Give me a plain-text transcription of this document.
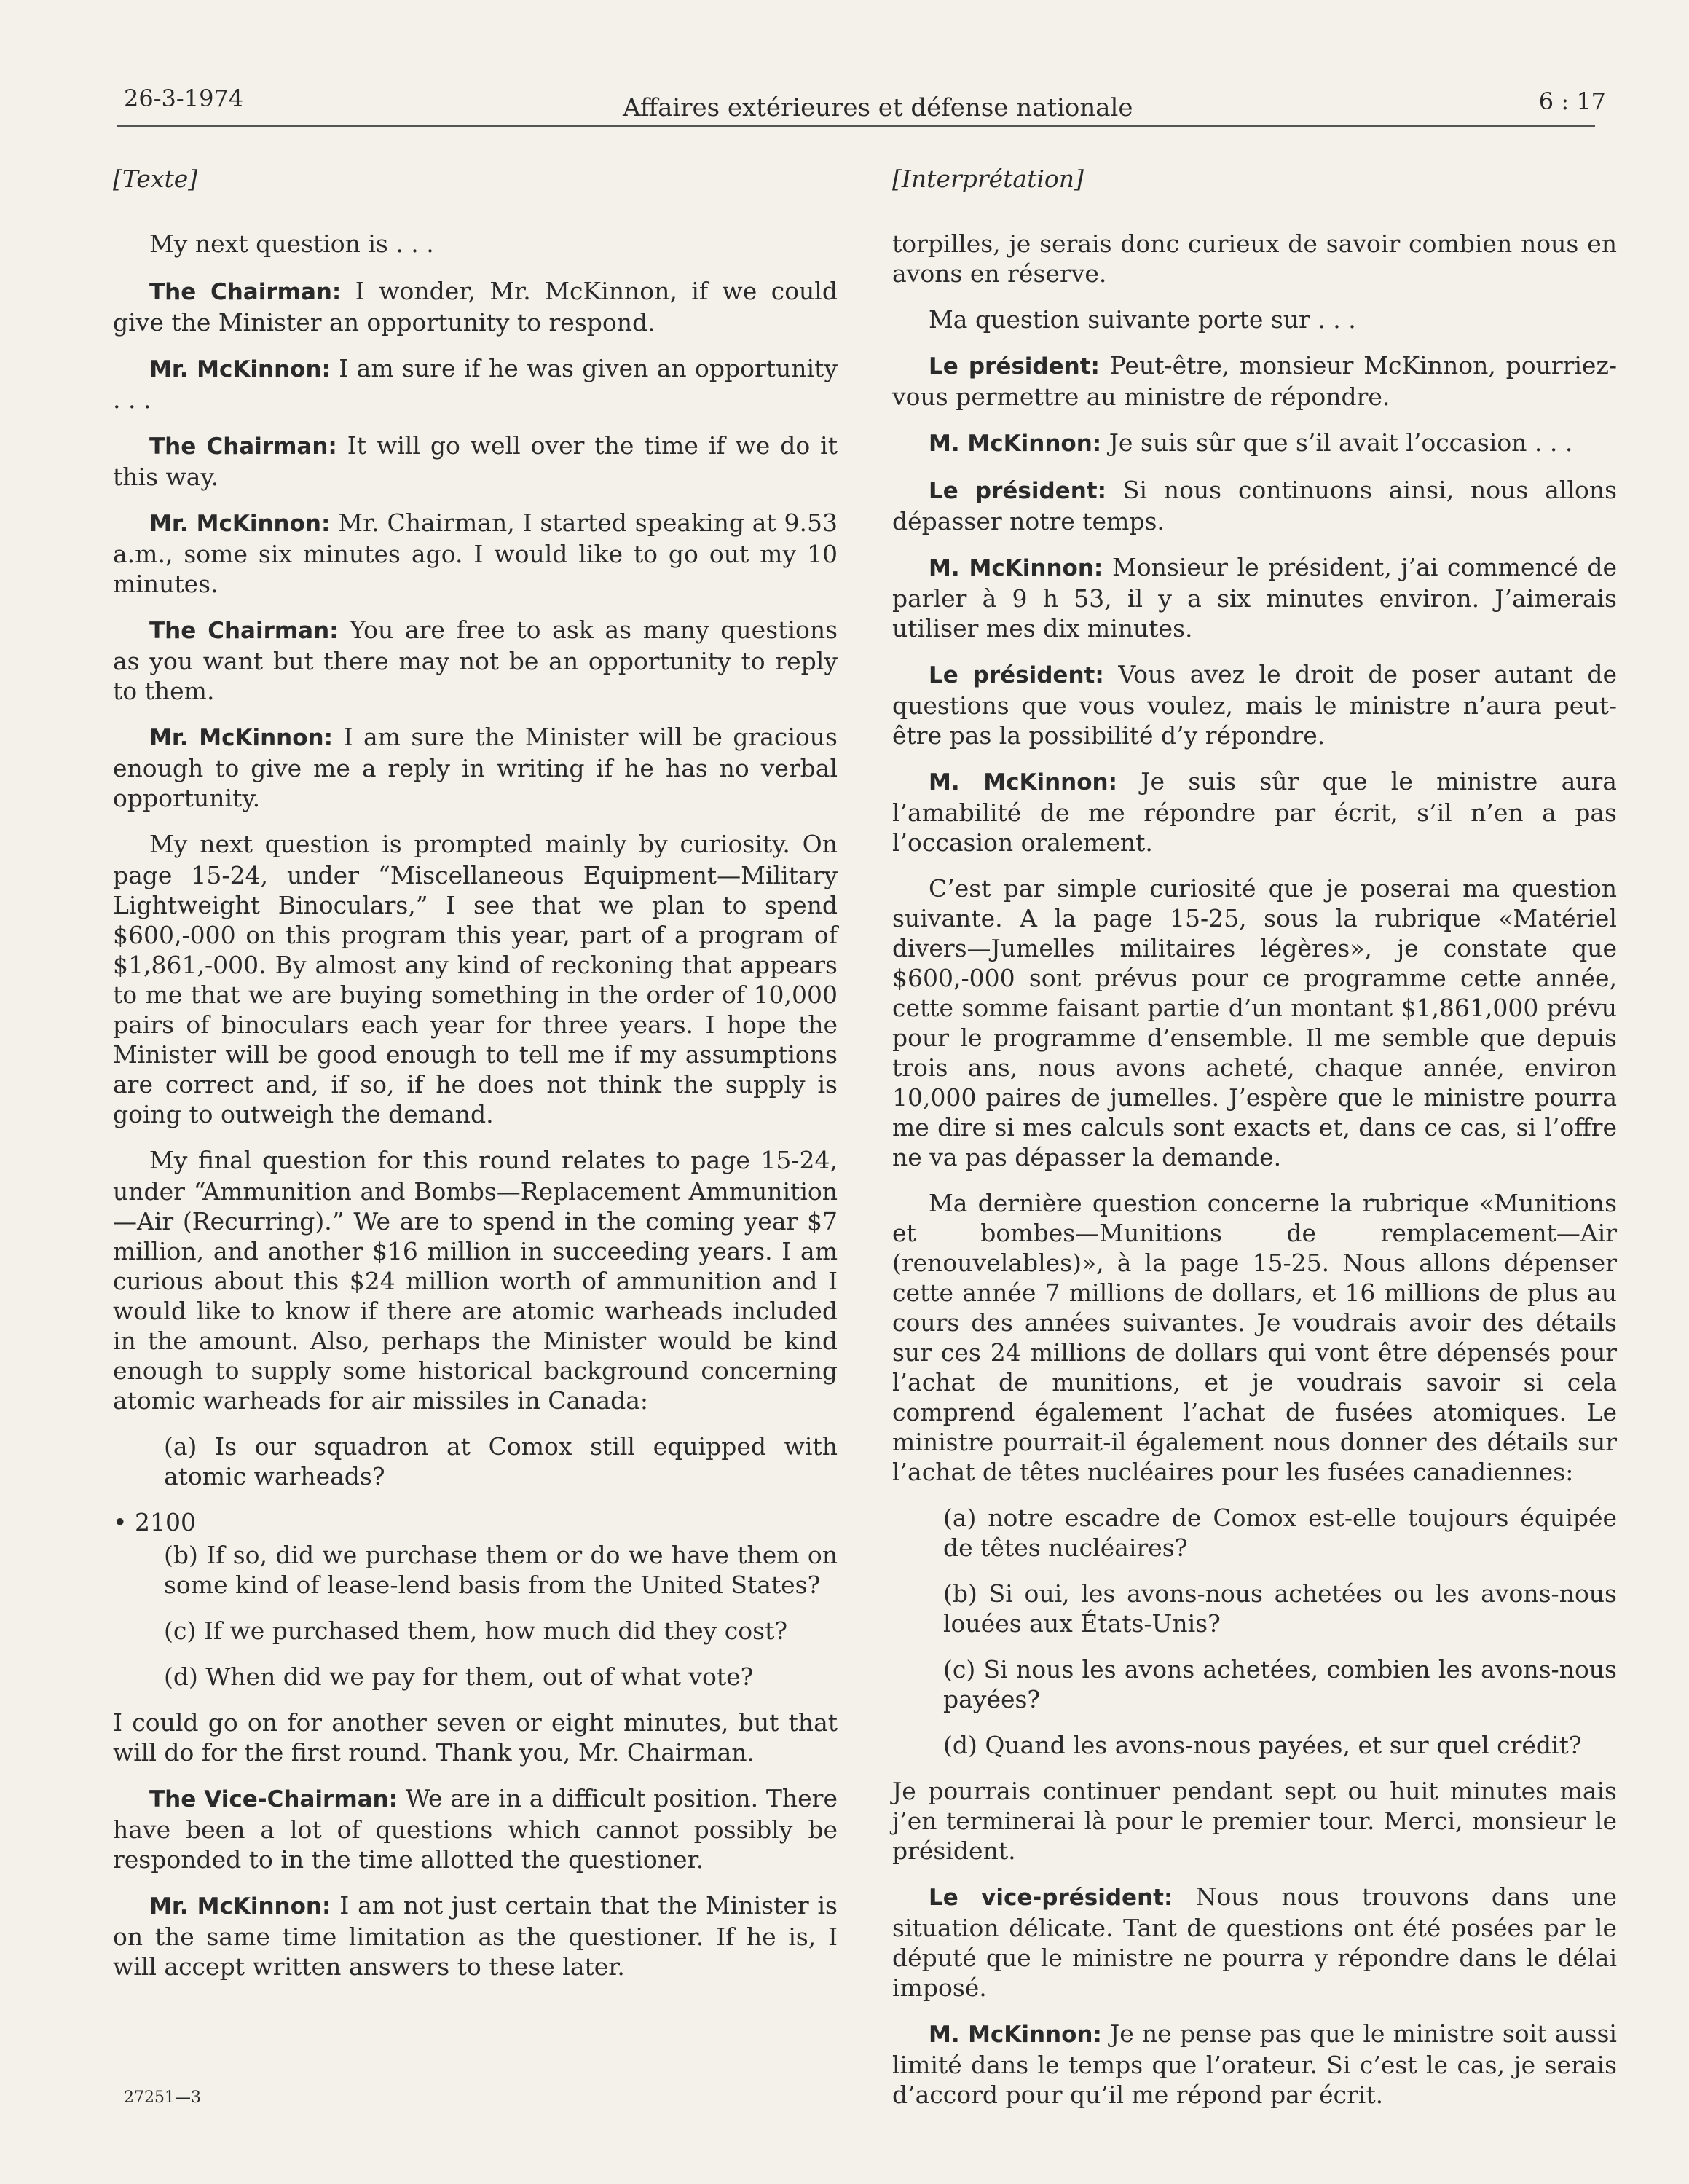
26-3-1974	Affaires extérieures et défense nationale	6 : 17

[Texte]

My next question is . . .

The Chairman: I wonder, Mr. McKinnon, if we could give the Minister an opportunity to respond.

Mr. McKinnon: I am sure if he was given an opportunity . . .

The Chairman: It will go well over the time if we do it this way.

Mr. McKinnon: Mr. Chairman, I started speaking at 9.53 a.m., some six minutes ago. I would like to go out my 10 minutes.

The Chairman: You are free to ask as many questions as you want but there may not be an opportunity to reply to them.

Mr. McKinnon: I am sure the Minister will be gracious enough to give me a reply in writing if he has no verbal opportunity.

My next question is prompted mainly by curiosity. On page 15-24, under “Miscellaneous Equipment—Military Lightweight Binoculars,” I see that we plan to spend $600,-000 on this program this year, part of a program of $1,861,-000. By almost any kind of reckoning that appears to me that we are buying something in the order of 10,000 pairs of binoculars each year for three years. I hope the Minister will be good enough to tell me if my assumptions are correct and, if so, if he does not think the supply is going to outweigh the demand.

My final question for this round relates to page 15-24, under “Ammunition and Bombs—Replacement Ammunition—Air (Recurring).” We are to spend in the coming year $7 million, and another $16 million in succeeding years. I am curious about this $24 million worth of ammunition and I would like to know if there are atomic warheads included in the amount. Also, perhaps the Minister would be kind enough to supply some historical background concerning atomic warheads for air missiles in Canada:

(a) Is our squadron at Comox still equipped with atomic warheads?

• 2100

(b) If so, did we purchase them or do we have them on some kind of lease-lend basis from the United States?

(c) If we purchased them, how much did they cost?

(d) When did we pay for them, out of what vote?

I could go on for another seven or eight minutes, but that will do for the first round. Thank you, Mr. Chairman.

The Vice-Chairman: We are in a difficult position. There have been a lot of questions which cannot possibly be responded to in the time allotted the questioner.

Mr. McKinnon: I am not just certain that the Minister is on the same time limitation as the questioner. If he is, I will accept written answers to these later.

[Interprétation]

torpilles, je serais donc curieux de savoir combien nous en avons en réserve.

Ma question suivante porte sur . . .

Le président: Peut-être, monsieur McKinnon, pourriez-vous permettre au ministre de répondre.

M. McKinnon: Je suis sûr que s’il avait l’occasion . . .

Le président: Si nous continuons ainsi, nous allons dépasser notre temps.

M. McKinnon: Monsieur le président, j’ai commencé de parler à 9 h 53, il y a six minutes environ. J’aimerais utiliser mes dix minutes.

Le président: Vous avez le droit de poser autant de questions que vous voulez, mais le ministre n’aura peut-être pas la possibilité d’y répondre.

M. McKinnon: Je suis sûr que le ministre aura l’amabilité de me répondre par écrit, s’il n’en a pas l’occasion oralement.

C’est par simple curiosité que je poserai ma question suivante. A la page 15-25, sous la rubrique «Matériel divers—Jumelles militaires légères», je constate que $600,-000 sont prévus pour ce programme cette année, cette somme faisant partie d’un montant $1,861,000 prévu pour le programme d’ensemble. Il me semble que depuis trois ans, nous avons acheté, chaque année, environ 10,000 paires de jumelles. J’espère que le ministre pourra me dire si mes calculs sont exacts et, dans ce cas, si l’offre ne va pas dépasser la demande.

Ma dernière question concerne la rubrique «Munitions et bombes—Munitions de remplacement—Air (renouvelables)», à la page 15-25. Nous allons dépenser cette année 7 millions de dollars, et 16 millions de plus au cours des années suivantes. Je voudrais avoir des détails sur ces 24 millions de dollars qui vont être dépensés pour l’achat de munitions, et je voudrais savoir si cela comprend également l’achat de fusées atomiques. Le ministre pourrait-il également nous donner des détails sur l’achat de têtes nucléaires pour les fusées canadiennes:

(a) notre escadre de Comox est-elle toujours équipée de têtes nucléaires?

(b) Si oui, les avons-nous achetées ou les avons-nous louées aux États-Unis?

(c) Si nous les avons achetées, combien les avons-nous payées?

(d) Quand les avons-nous payées, et sur quel crédit?

Je pourrais continuer pendant sept ou huit minutes mais j’en terminerai là pour le premier tour. Merci, monsieur le président.

Le vice-président: Nous nous trouvons dans une situation délicate. Tant de questions ont été posées par le député que le ministre ne pourra y répondre dans le délai imposé.

M. McKinnon: Je ne pense pas que le ministre soit aussi limité dans le temps que l’orateur. Si c’est le cas, je serais d’accord pour qu’il me répond par écrit.

27251—3
